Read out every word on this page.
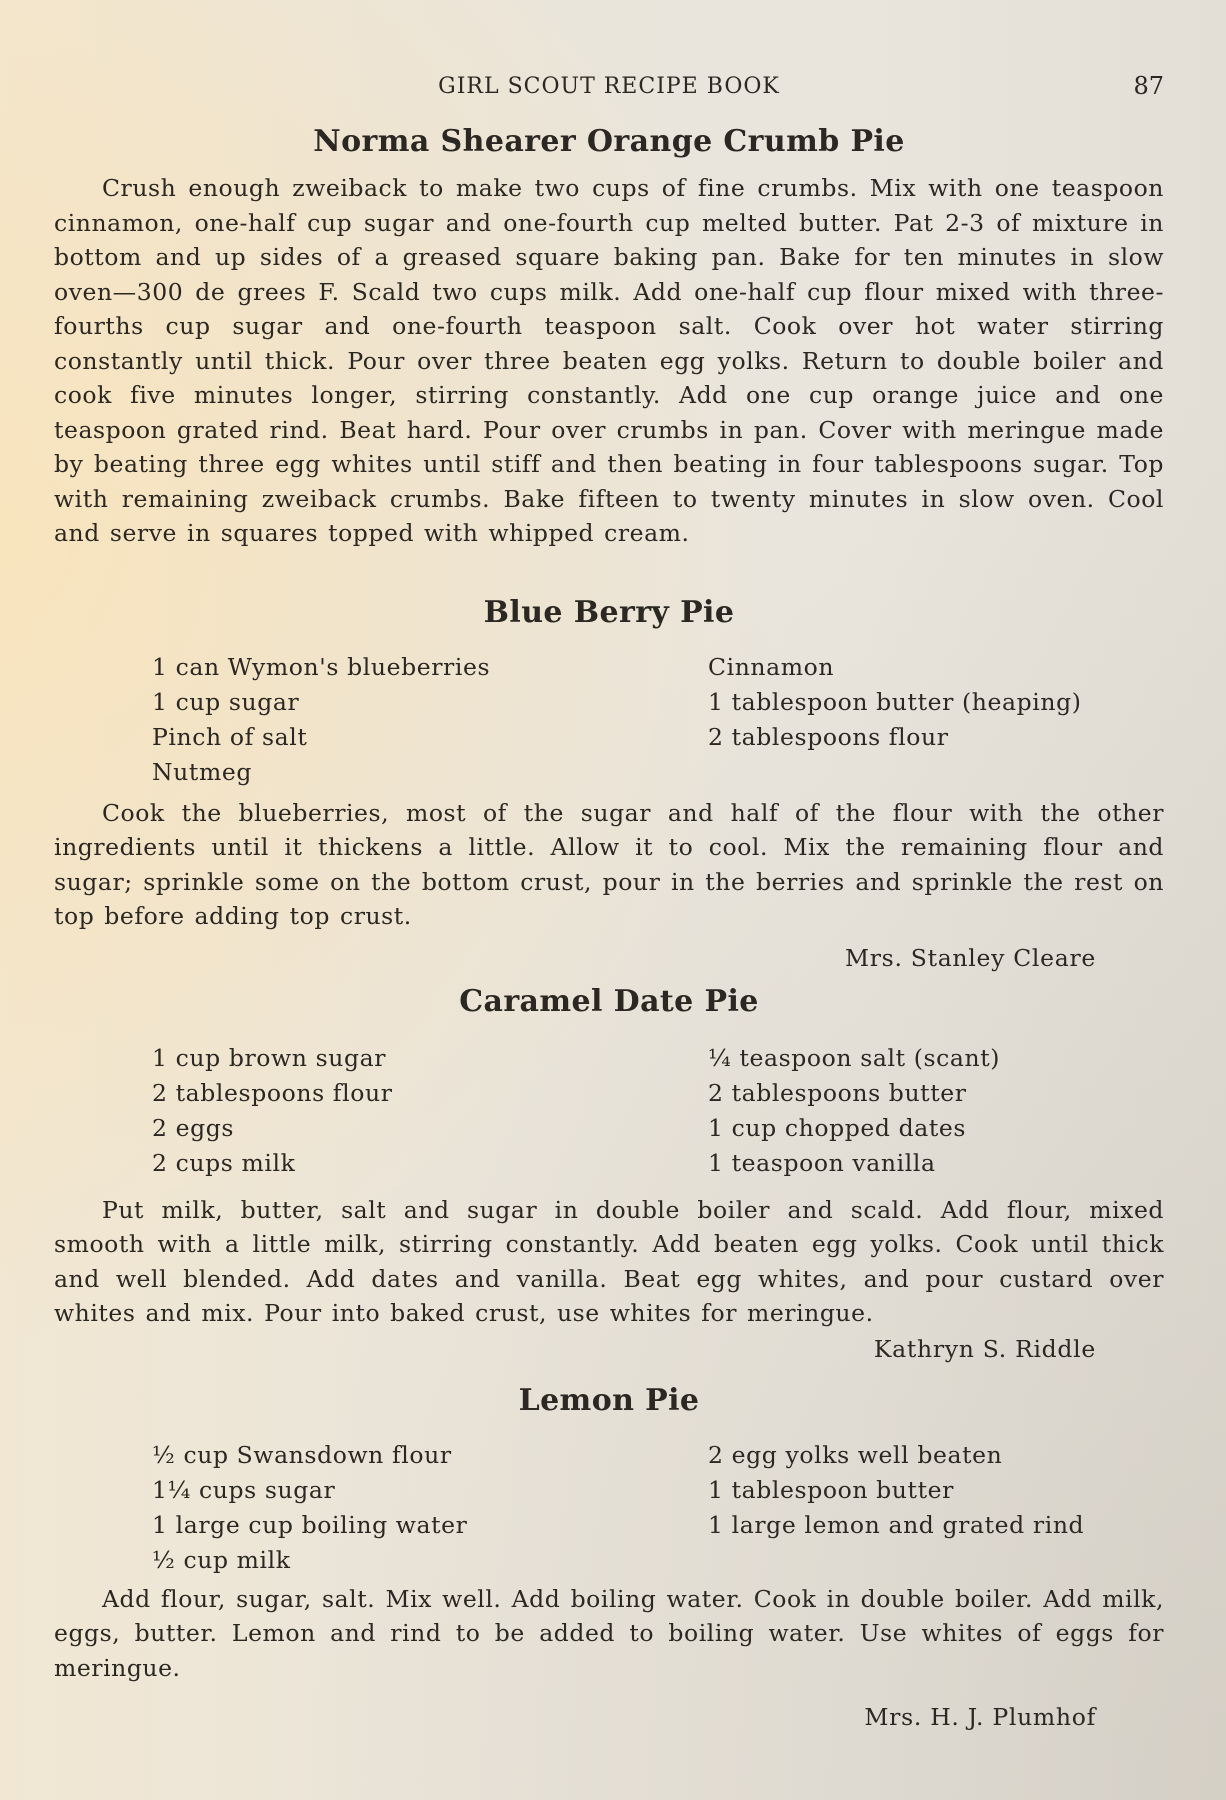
GIRL SCOUT RECIPE BOOK	87
Norma Shearer Orange Crumb Pie

Crush enough zweiback to make two cups of fine crumbs. Mix with one teaspoon cinnamon, one-half cup sugar and one-fourth cup melted butter. Pat 2-3 of mixture in bottom and up sides of a greased square baking pan. Bake for ten minutes in slow oven—300 de grees F. Scald two cups milk. Add one-half cup flour mixed with three-fourths cup sugar and one-fourth teaspoon salt. Cook over hot water stirring constantly until thick. Pour over three beaten egg yolks. Return to double boiler and cook five minutes longer, stirring constantly. Add one cup orange juice and one teaspoon grated rind. Beat hard. Pour over crumbs in pan. Cover with meringue made by beating three egg whites until stiff and then beating in four tablespoons sugar. Top with remaining zweiback crumbs. Bake fifteen to twenty minutes in slow oven. Cool and serve in squares topped with whipped cream.

Blue Berry Pie
1 can Wymon's blueberries
1 cup sugar
Pinch of salt
Nutmeg
Cinnamon
1 tablespoon butter (heaping)
2 tablespoons flour

Cook the blueberries, most of the sugar and half of the flour with the other ingredients until it thickens a little. Allow it to cool. Mix the remaining flour and sugar; sprinkle some on the bottom crust, pour in the berries and sprinkle the rest on top before adding top crust.

Mrs. Stanley Cleare

Caramel Date Pie
1 cup brown sugar
2 tablespoons flour
2 eggs
2 cups milk
¼ teaspoon salt (scant)
2 tablespoons butter
1 cup chopped dates
1 teaspoon vanilla

Put milk, butter, salt and sugar in double boiler and scald. Add flour, mixed smooth with a little milk, stirring constantly. Add beaten egg yolks. Cook until thick and well blended. Add dates and vanilla. Beat egg whites, and pour custard over whites and mix. Pour into baked crust, use whites for meringue.

Kathryn S. Riddle

Lemon Pie
½ cup Swansdown flour
1¼ cups sugar
1 large cup boiling water
½ cup milk
2 egg yolks well beaten
1 tablespoon butter
1 large lemon and grated rind

Add flour, sugar, salt. Mix well. Add boiling water. Cook in double boiler. Add milk, eggs, butter. Lemon and rind to be added to boiling water. Use whites of eggs for meringue.

Mrs. H. J. Plumhof
